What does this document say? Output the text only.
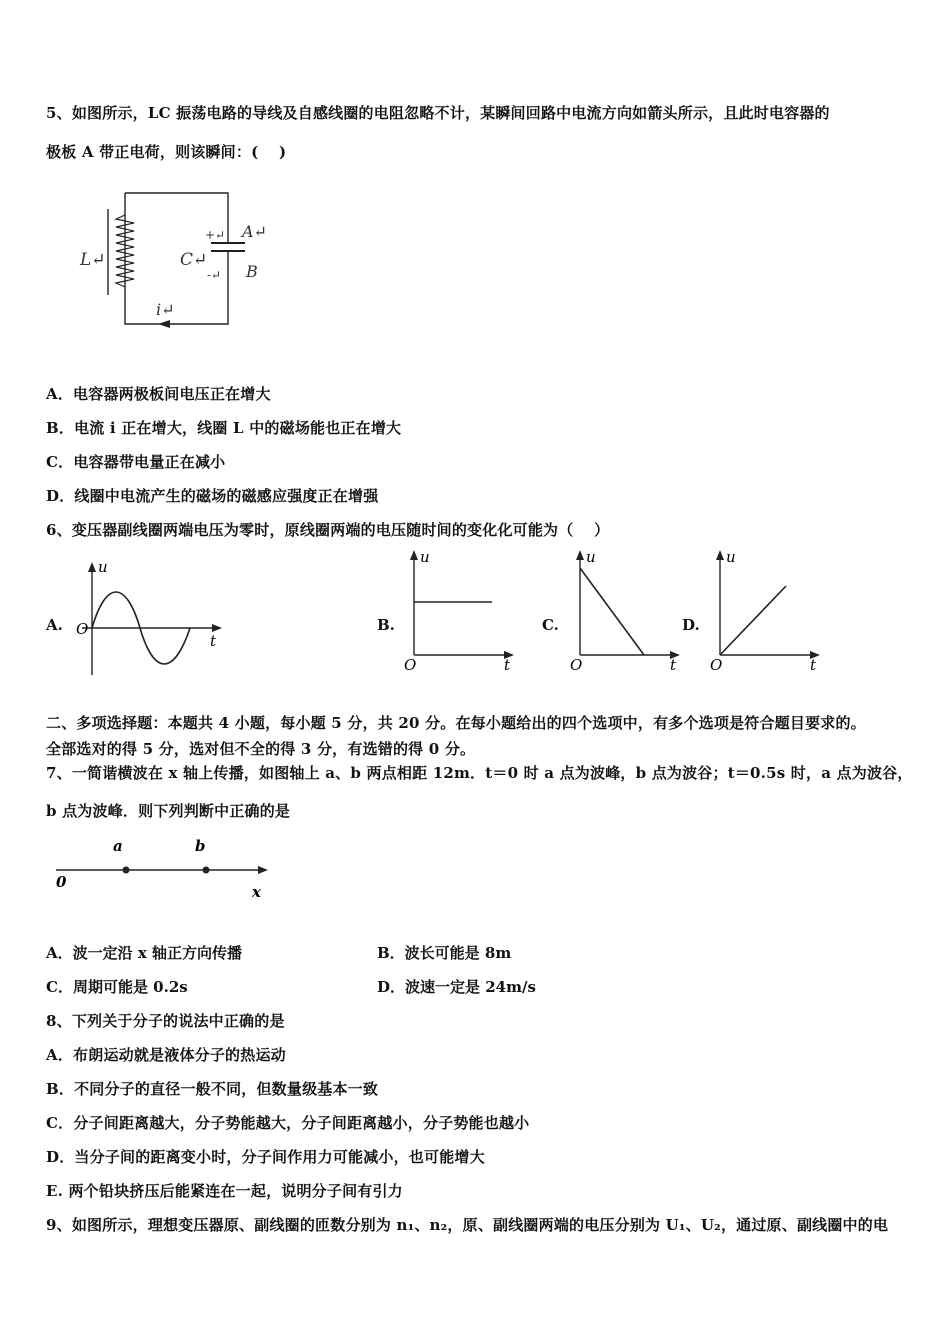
5、如图所示，LC 振荡电路的导线及自感线圈的电阻忽略不计，某瞬间回路中电流方向如箭头所示，且此时电容器的
极板 A 带正电荷，则该瞬间：(　 )
L↵	C↵
+↵
-↵
A↵
B
i↵
A．电容器两极板间电压正在增大
B．电流 i 正在增大，线圈 L 中的磁场能也正在增大
C．电容器带电量正在减小
D．线圈中电流产生的磁场的磁感应强度正在增强
6、变压器副线圈两端电压为零时，原线圈两端的电压随时间的变化化可能为（　 ）
A.
u
t
O	B.
u
t
O
C.
u
t
O
D.
u
t
O
二、多项选择题：本题共 4 小题，每小题 5 分，共 20 分。在每小题给出的四个选项中，有多个选项是符合题目要求的。
全部选对的得 5 分，选对但不全的得 3 分，有选错的得 0 分。
7、一简谐横波在 x 轴上传播，如图轴上 a、b 两点相距 12m．t＝0 时 a 点为波峰，b 点为波谷；t＝0.5s 时，a 点为波谷，
b 点为波峰．则下列判断中正确的是
0
a	b
x
A．波一定沿 x 轴正方向传播	B．波长可能是 8m
C．周期可能是 0.2s	D．波速一定是 24m/s
8、下列关于分子的说法中正确的是
A．布朗运动就是液体分子的热运动
B．不同分子的直径一般不同，但数量级基本一致
C．分子间距离越大，分子势能越大，分子间距离越小，分子势能也越小
D．当分子间的距离变小时，分子间作用力可能减小，也可能增大
E. 两个铅块挤压后能紧连在一起，说明分子间有引力
9、如图所示，理想变压器原、副线圈的匝数分别为 n₁、n₂，原、副线圈两端的电压分别为 U₁、U₂，通过原、副线圈中的电
